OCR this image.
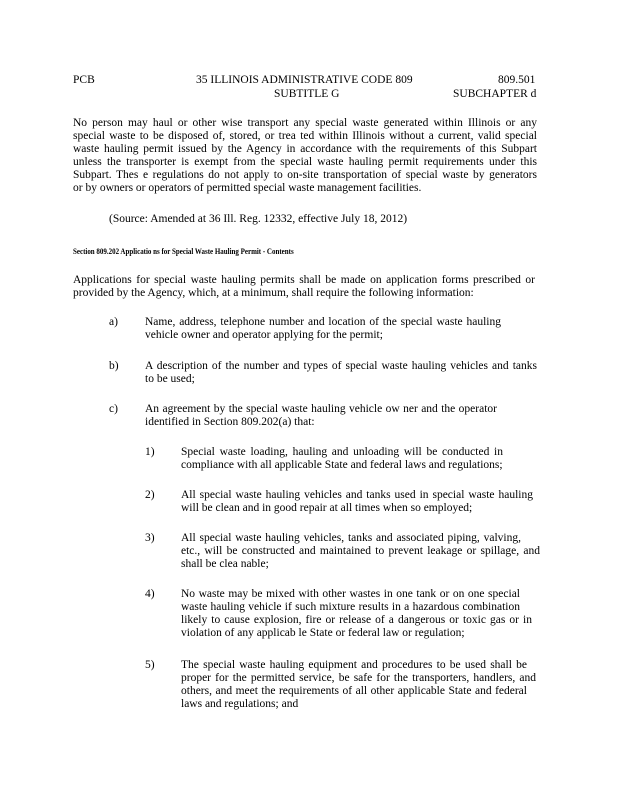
PCB	35 ILLINOIS ADMINISTRATIVE CODE 809
SUBTITLE G
809.501
SUBCHAPTER d
No person may haul or other wise transport any special waste generated within Illinois or any
special waste to be disposed of, stored, or trea ted within Illinois without a current, valid special
waste hauling permit issued by the Agency in accordance with the requirements of this Subpart
unless the transporter is exempt from the special waste hauling permit requirements under this
Subpart. Thes e regulations do not apply to on-site transportation of special waste by generators
or by owners or operators of permitted special waste management facilities.
(Source: Amended at 36 Ill. Reg. 12332, effective July 18, 2012)
Section 809.202 Applicatio ns for Special Waste Hauling Permit - Contents
Applications for special waste hauling permits shall be made on application forms prescribed or
provided by the Agency, which, at a minimum, shall require the following information:
a) Name, address, telephone number and location of the special waste hauling
vehicle owner and operator applying for the permit;
b) A description of the number and types of special waste hauling vehicles and tanks
to be used;
c) An agreement by the special waste hauling vehicle ow ner and the operator
identified in Section 809.202(a) that:
1) Special waste loading, hauling and unloading will be conducted in
compliance with all applicable State and federal laws and regulations;
2) All special waste hauling vehicles and tanks used in special waste hauling
will be clean and in good repair at all times when so employed;
3) All special waste hauling vehicles, tanks and associated piping, valving,
etc., will be constructed and maintained to prevent leakage or spillage, and
shall be clea nable;
4) No waste may be mixed with other wastes in one tank or on one special
waste hauling vehicle if such mixture results in a hazardous combination
likely to cause explosion, fire or release of a dangerous or toxic gas or in
violation of any applicab le State or federal law or regulation;
5) The special waste hauling equipment and procedures to be used shall be
proper for the permitted service, be safe for the transporters, handlers, and
others, and meet the requirements of all other applicable State and federal
laws and regulations; and
